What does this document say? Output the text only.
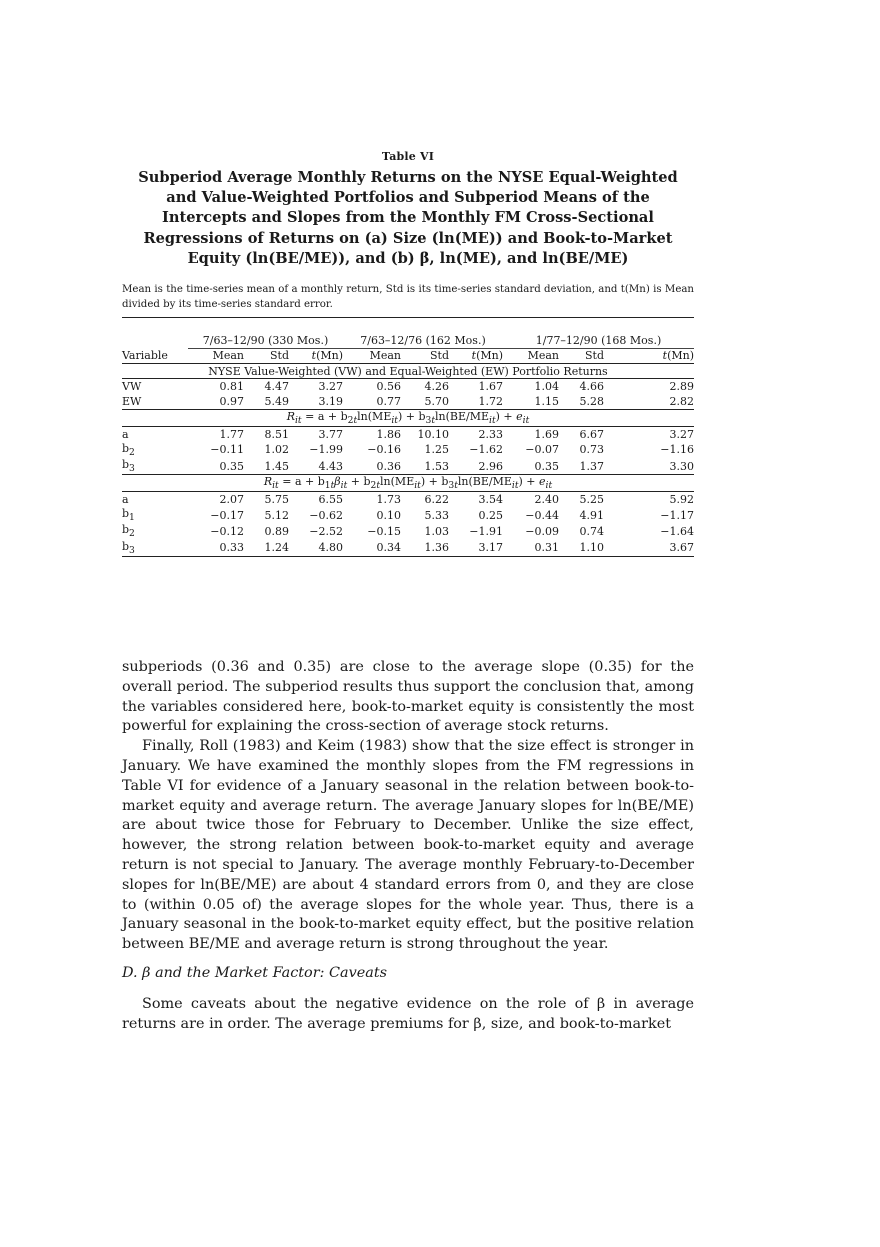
Table VI
Subperiod Average Monthly Returns on the NYSE Equal-Weighted and Value-Weighted Portfolios and Subperiod Means of the Intercepts and Slopes from the Monthly FM Cross-Sectional Regressions of Returns on (a) Size (ln(ME)) and Book-to-Market Equity (ln(BE/ME)), and (b) β, ln(ME), and ln(BE/ME)
Mean is the time-series mean of a monthly return, Std is its time-series standard deviation, and t(Mn) is Mean divided by its time-series standard error.

	7/63–12/90 (330 Mos.)			7/63–12/76 (162 Mos.)			1/77–12/90 (168 Mos.)		
Variable	Mean	Std	t(Mn)	Mean	Std	t(Mn)	Mean	Std	t(Mn)
NYSE Value-Weighted (VW) and Equal-Weighted (EW) Portfolio Returns									
VW	0.81	4.47	3.27	0.56	4.26	1.67	1.04	4.66	2.89
EW	0.97	5.49	3.19	0.77	5.70	1.72	1.15	5.28	2.82
$R_{it} = a + b_{2t}\ln(ME_{it}) + b_{3t}\ln(BE/ME_{it}) + e_{it}$
a	1.77	8.51	3.77	1.86	10.10	2.33	1.69	6.67	3.27
$b_2$	−0.11	1.02	−1.99	−0.16	1.25	−1.62	−0.07	0.73	−1.16
$b_3$	0.35	1.45	4.43	0.36	1.53	2.96	0.35	1.37	3.30
$R_{it} = a + b_{1t}\beta_{it} + b_{2t}\ln(ME_{it}) + b_{3t}\ln(BE/ME_{it}) + e_{it}$
a	2.07	5.75	6.55	1.73	6.22	3.54	2.40	5.25	5.92
$b_1$	−0.17	5.12	−0.62	0.10	5.33	0.25	−0.44	4.91	−1.17
$b_2$	−0.12	0.89	−2.52	−0.15	1.03	−1.91	−0.09	0.74	−1.64
$b_3$	0.33	1.24	4.80	0.34	1.36	3.17	0.31	1.10	3.67

subperiods (0.36 and 0.35) are close to the average slope (0.35) for the overall period. The subperiod results thus support the conclusion that, among the variables considered here, book-to-market equity is consistently the most powerful for explaining the cross-section of average stock returns.

Finally, Roll (1983) and Keim (1983) show that the size effect is stronger in January. We have examined the monthly slopes from the FM regressions in Table VI for evidence of a January seasonal in the relation between book-to-market equity and average return. The average January slopes for ln(BE/ME) are about twice those for February to December. Unlike the size effect, however, the strong relation between book-to-market equity and average return is not special to January. The average monthly February-to-December slopes for ln(BE/ME) are about 4 standard errors from 0, and they are close to (within 0.05 of) the average slopes for the whole year. Thus, there is a January seasonal in the book-to-market equity effect, but the positive relation between BE/ME and average return is strong throughout the year.

D. β and the Market Factor: Caveats
Some caveats about the negative evidence on the role of β in average returns are in order. The average premiums for β, size, and book-to-market
